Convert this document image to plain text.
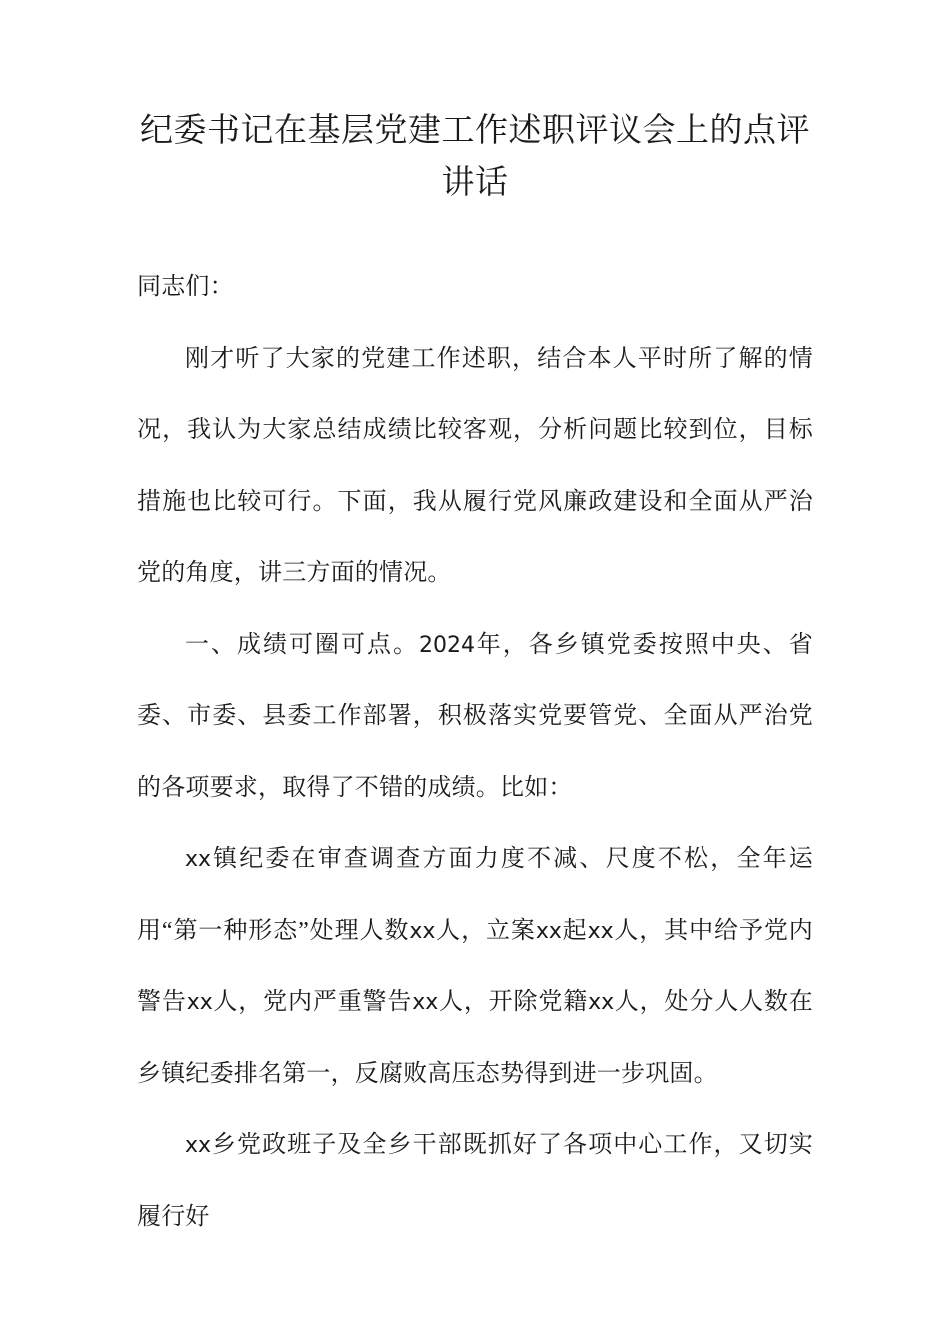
纪委书记在基层党建工作述职评议会上的点评讲话

同志们：

刚才听了大家的党建工作述职，结合本人平时所了解的情况，我认为大家总结成绩比较客观，分析问题比较到位，目标措施也比较可行。下面，我从履行党风廉政建设和全面从严治党的角度，讲三方面的情况。

一、成绩可圈可点。2024年，各乡镇党委按照中央、省委、市委、县委工作部署，积极落实党要管党、全面从严治党的各项要求，取得了不错的成绩。比如：

xx镇纪委在审查调查方面力度不减、尺度不松，全年运用“第一种形态”处理人数xx人，立案xx起xx人，其中给予党内警告xx人，党内严重警告xx人，开除党籍xx人，处分人人数在乡镇纪委排名第一，反腐败高压态势得到进一步巩固。

xx乡党政班子及全乡干部既抓好了各项中心工作，又切实履行好
